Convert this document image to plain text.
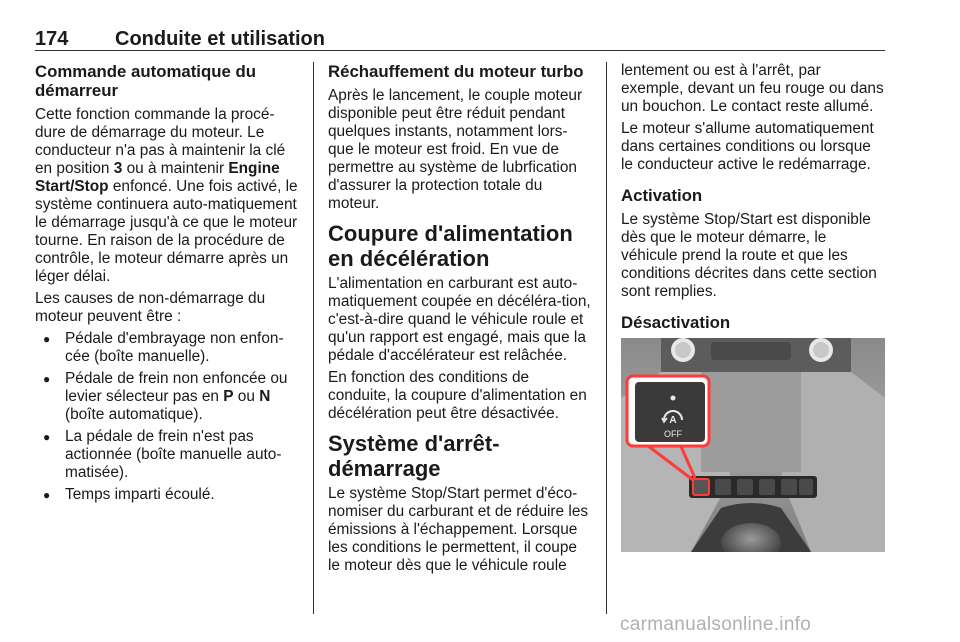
174 Conduite et utilisation
Commande automatique du démarreur

Cette fonction commande la procé-dure de démarrage du moteur. Le conducteur n'a pas à maintenir la clé en position 3 ou à maintenir Engine Start/Stop enfoncé. Une fois activé, le système continuera auto-matiquement le démarrage jusqu'à ce que le moteur tourne. En raison de la procédure de contrôle, le moteur démarre après un léger délai.

Les causes de non-démarrage du moteur peuvent être :

● Pédale d'embrayage non enfon-cée (boîte manuelle).
● Pédale de frein non enfoncée ou levier sélecteur pas en P ou N (boîte automatique).
● La pédale de frein n'est pas actionnée (boîte manuelle auto-matisée).
● Temps imparti écoulé.
Réchauffement du moteur turbo

Après le lancement, le couple moteur disponible peut être réduit pendant quelques instants, notamment lors-que le moteur est froid. En vue de permettre au système de lubrfication d'assurer la protection totale du moteur.

Coupure d'alimentation en décélération

L'alimentation en carburant est auto-matiquement coupée en décéléra-tion, c'est-à-dire quand le véhicule roule et qu'un rapport est engagé, mais que la pédale d'accélérateur est relâchée.

En fonction des conditions de conduite, la coupure d'alimentation en décélération peut être désactivée.

Système d'arrêt-démarrage

Le système Stop/Start permet d'éco-nomiser du carburant et de réduire les émissions à l'échappement. Lorsque les conditions le permettent, il coupe le moteur dès que le véhicule roule

lentement ou est à l'arrêt, par exemple, devant un feu rouge ou dans un bouchon. Le contact reste allumé.

Le moteur s'allume automatiquement dans certaines conditions ou lorsque le conducteur active le redémarrage.

Activation

Le système Stop/Start est disponible dès que le moteur démarre, le véhicule prend la route et que les conditions décrites dans cette section sont remplies.

Désactivation
A
OFF
carmanualsonline.info
